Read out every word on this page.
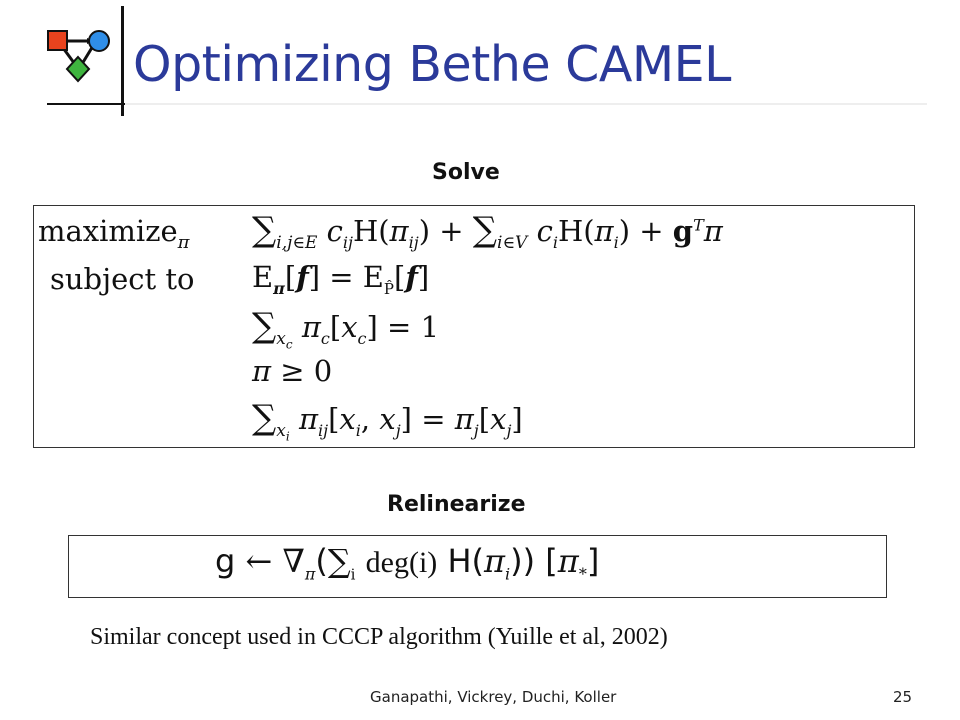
Optimizing Bethe CAMEL
Solve
maximize$_\pi$
subject to
$\sum_{i,j\in E}$ $c_{ij}H(\pi_{ij}) + \sum_{i\in V}$ $c_iH(\pi_i) + g^T\pi$
$E_\pi[f] = E_{P̂}[f]$
$\sum_{x_c}$ $\pi_c[x_c] = 1$
π ≥ 0
$\sum_{x_i}$ $\pi_{ij}[x_i$, $x_j] = \pi_j[x_j]$
Relinearize
g ← $\nabla_\pi(\sum_i$ deg(i) $H(\pi_i)$) $[\pi_*]$
Similar concept used in CCCP algorithm (Yuille et al, 2002)
Ganapathi, Vickrey, Duchi, Koller	25
